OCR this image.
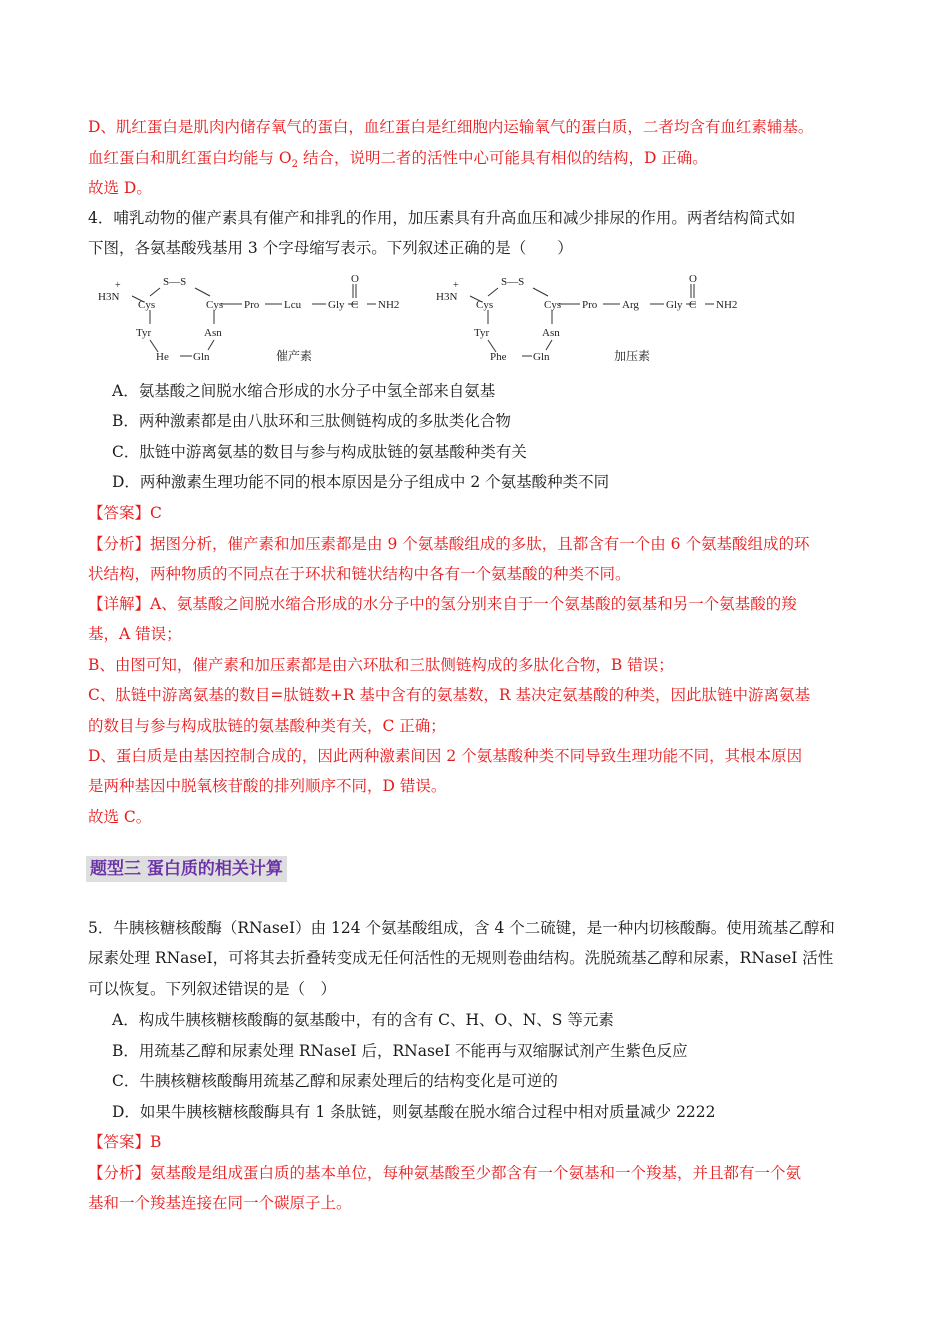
D、肌红蛋白是肌肉内储存氧气的蛋白，血红蛋白是红细胞内运输氧气的蛋白质，二者均含有血红素辅基。
血红蛋白和肌红蛋白均能与 $O_2$ 结合，说明二者的活性中心可能具有相似的结构，D 正确。
故选 D。
4．哺乳动物的催产素具有催产和排乳的作用，加压素具有升高血压和减少排尿的作用。两者结构简式如
下图，各氨基酸残基用 3 个字母缩写表示。下列叙述正确的是（　　）
H3N
+	S—S
Cys	Cys Pro Lcu Gly
O
C NH2
Tyr	Asn
He Gln	催产素
H3N
+	S—S
Cys	Cys Pro Arg Gly
O
C NH2
Tyr	Asn
Phe Gln	加压素
A．氨基酸之间脱水缩合形成的水分子中氢全部来自氨基
B．两种激素都是由八肽环和三肽侧链构成的多肽类化合物
C．肽链中游离氨基的数目与参与构成肽链的氨基酸种类有关
D．两种激素生理功能不同的根本原因是分子组成中 2 个氨基酸种类不同
【答案】C
【分析】据图分析，催产素和加压素都是由 9 个氨基酸组成的多肽，且都含有一个由 6 个氨基酸组成的环
状结构，两种物质的不同点在于环状和链状结构中各有一个氨基酸的种类不同。
【详解】A、氨基酸之间脱水缩合形成的水分子中的氢分别来自于一个氨基酸的氨基和另一个氨基酸的羧
基，A 错误；
B、由图可知，催产素和加压素都是由六环肽和三肽侧链构成的多肽化合物，B 错误；
C、肽链中游离氨基的数目=肽链数+R 基中含有的氨基数，R 基决定氨基酸的种类，因此肽链中游离氨基
的数目与参与构成肽链的氨基酸种类有关，C 正确；
D、蛋白质是由基因控制合成的，因此两种激素间因 2 个氨基酸种类不同导致生理功能不同，其根本原因
是两种基因中脱氧核苷酸的排列顺序不同，D 错误。
故选 C。
题型三 蛋白质的相关计算
5．牛胰核糖核酸酶（RNaseI）由 124 个氨基酸组成，含 4 个二硫键，是一种内切核酸酶。使用巯基乙醇和
尿素处理 RNaseI，可将其去折叠转变成无任何活性的无规则卷曲结构。洗脱巯基乙醇和尿素，RNaseI 活性
可以恢复。下列叙述错误的是（　）
A．构成牛胰核糖核酸酶的氨基酸中，有的含有 C、H、O、N、S 等元素
B．用巯基乙醇和尿素处理 RNaseI 后，RNaseI 不能再与双缩脲试剂产生紫色反应
C．牛胰核糖核酸酶用巯基乙醇和尿素处理后的结构变化是可逆的
D．如果牛胰核糖核酸酶具有 1 条肽链，则氨基酸在脱水缩合过程中相对质量减少 2222
【答案】B
【分析】氨基酸是组成蛋白质的基本单位，每种氨基酸至少都含有一个氨基和一个羧基，并且都有一个氨
基和一个羧基连接在同一个碳原子上。
